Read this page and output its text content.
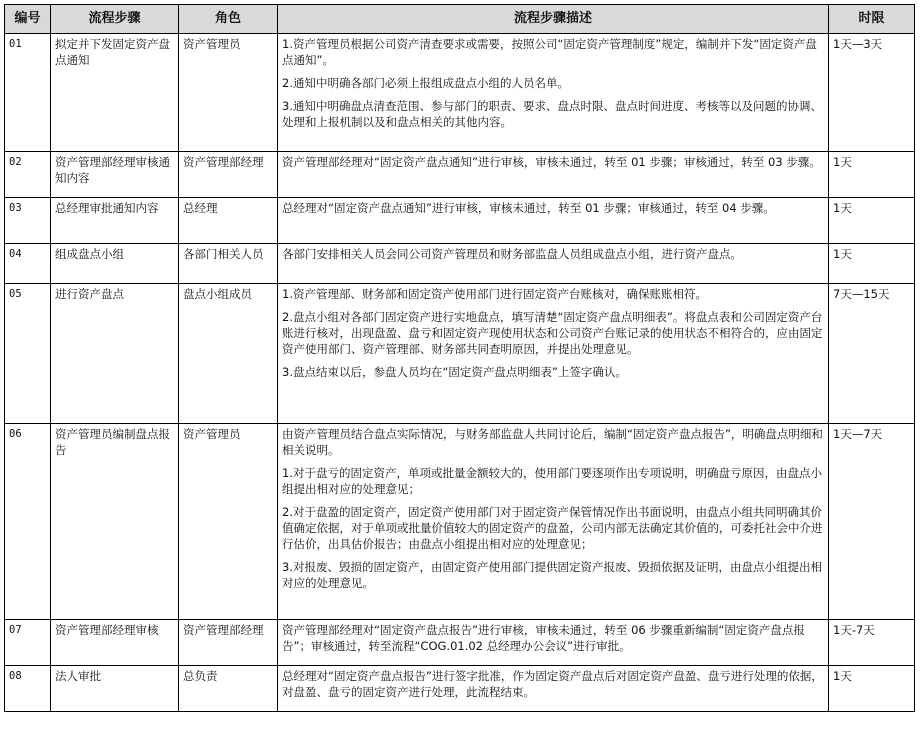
编号	流程步骤	角色	流程步骤描述	时限
01	拟定并下发固定资产盘点通知	资产管理员	1.资产管理员根据公司资产清查要求或需要，按照公司“固定资产管理制度”规定，编制并下发“固定资产盘点通知”。

2.通知中明确各部门必须上报组成盘点小组的人员名单。

3.通知中明确盘点清查范围、参与部门的职责、要求、盘点时限、盘点时间进度、考核等以及问题的协调、处理和上报机制以及和盘点相关的其他内容。	1天—3天
02	资产管理部经理审核通知内容	资产管理部经理	资产管理部经理对“固定资产盘点通知”进行审核，审核未通过，转至 01 步骤；审核通过，转至 03 步骤。	1天
03	总经理审批通知内容	总经理	总经理对“固定资产盘点通知”进行审核，审核未通过，转至 01 步骤；审核通过，转至 04 步骤。	1天
04	组成盘点小组	各部门相关人员	各部门安排相关人员会同公司资产管理员和财务部监盘人员组成盘点小组，进行资产盘点。	1天
05	进行资产盘点	盘点小组成员	1.资产管理部、财务部和固定资产使用部门进行固定资产台账核对，确保账账相符。

2.盘点小组对各部门固定资产进行实地盘点，填写清楚“固定资产盘点明细表”。将盘点表和公司固定资产台账进行核对，出现盘盈、盘亏和固定资产现使用状态和公司资产台账记录的使用状态不相符合的，应由固定资产使用部门、资产管理部、财务部共同查明原因，并提出处理意见。

3.盘点结束以后，参盘人员均在“固定资产盘点明细表”上签字确认。	7天—15天
06	资产管理员编制盘点报告	资产管理员	由资产管理员结合盘点实际情况，与财务部监盘人共同讨论后，编制“固定资产盘点报告”，明确盘点明细和相关说明。

1.对于盘亏的固定资产，单项或批量金额较大的，使用部门要逐项作出专项说明，明确盘亏原因，由盘点小组提出相对应的处理意见；

2.对于盘盈的固定资产，固定资产使用部门对于固定资产保管情况作出书面说明，由盘点小组共同明确其价值确定依据，对于单项或批量价值较大的固定资产的盘盈，公司内部无法确定其价值的，可委托社会中介进行估价，出具估价报告；由盘点小组提出相对应的处理意见；

3.对报废、毁损的固定资产，由固定资产使用部门提供固定资产报废、毁损依据及证明，由盘点小组提出相对应的处理意见。	1天—7天
07	资产管理部经理审核	资产管理部经理	资产管理部经理对“固定资产盘点报告”进行审核，审核未通过，转至 06 步骤重新编制“固定资产盘点报告”；审核通过，转至流程“COG.01.02 总经理办公会议”进行审批。	1天-7天
08	法人审批	总负责	总经理对“固定资产盘点报告”进行签字批准，作为固定资产盘点后对固定资产盘盈、盘亏进行处理的依据，对盘盈、盘亏的固定资产进行处理，此流程结束。	1天
